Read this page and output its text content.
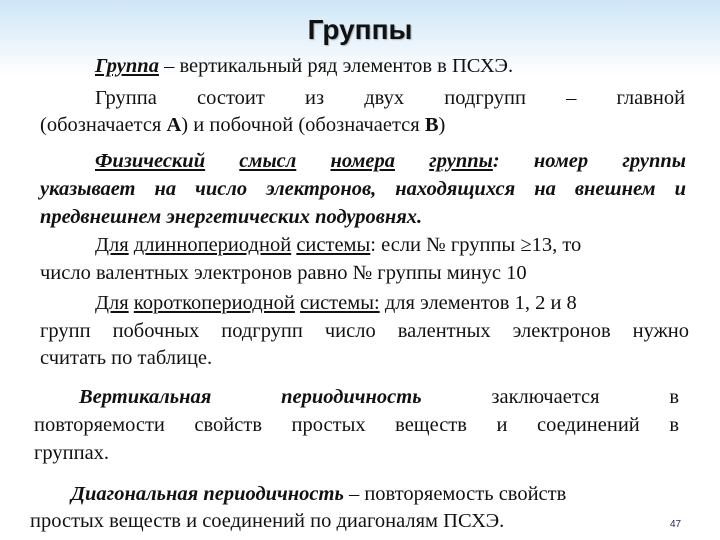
Группы
Группа – вертикальный ряд элементов в ПСХЭ.
Группа состоит из двух подгрупп – главной
(обозначается А) и побочной (обозначается В)
Физический смысл номера группы: номер группы
указывает на число электронов, находящихся на внешнем и
предвнешнем энергетических подуровнях.
Для длиннопериодной системы: если № группы ≥13, то
число валентных электронов равно № группы минус 10
Для короткопериодной системы: для элементов 1, 2 и 8
групп побочных подгрупп число валентных электронов нужно
считать по таблице.
Вертикальная	периодичность	заключается	в
повторяемости свойств простых веществ и соединений в
группах.
Диагональная периодичность – повторяемость свойств
простых веществ и соединений по диагоналям ПСХЭ.	47
